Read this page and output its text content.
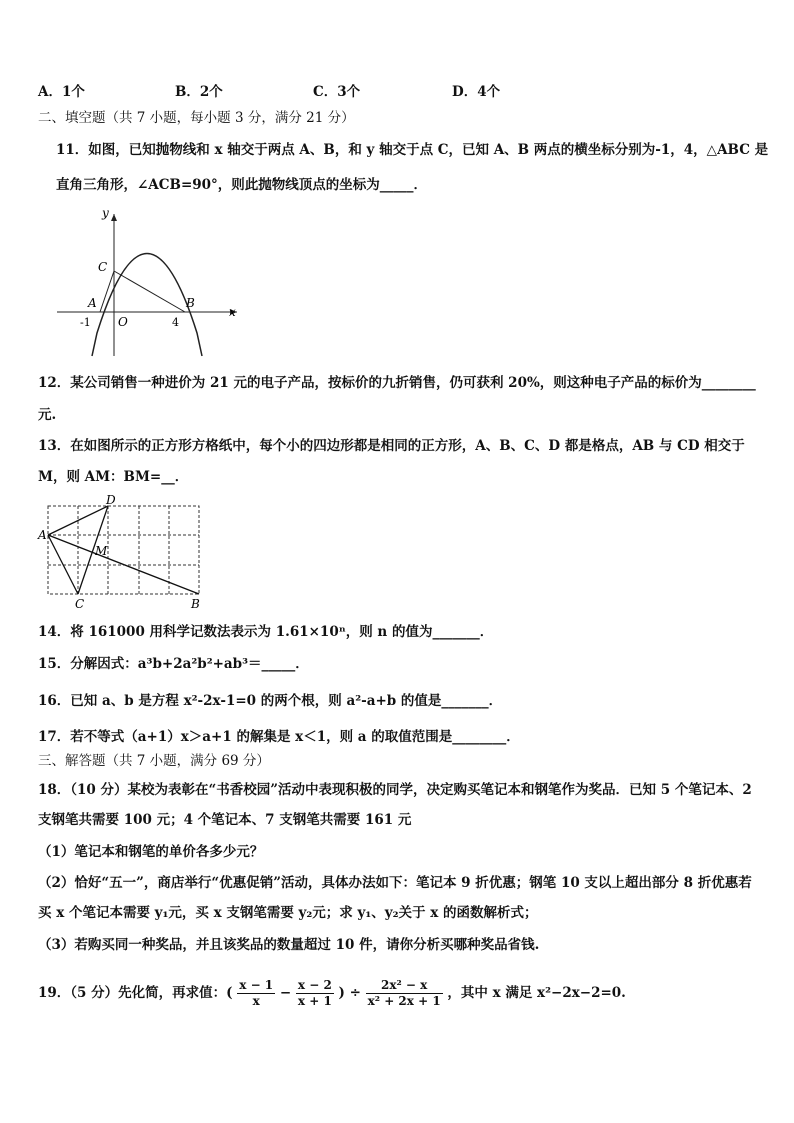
A．1个	B．2个	C．3个	D．4个
二、填空题（共 7 小题，每小题 3 分，满分 21 分）
11．如图，已知抛物线和 x 轴交于两点 A、B，和 y 轴交于点 C，已知 A、B 两点的横坐标分别为-1，4，△ABC 是
直角三角形，∠ACB=90°，则此抛物线顶点的坐标为_____．
y
x
C
A	B
-1 O	4
12．某公司销售一种进价为 21 元的电子产品，按标价的九折销售，仍可获利 20%，则这种电子产品的标价为________
元.
13．在如图所示的正方形方格纸中，每个小的四边形都是相同的正方形，A、B、C、D 都是格点，AB 与 CD 相交于
M，则 AM：BM=__．
A
D
M
C	B
14．将 161000 用科学记数法表示为 1.61×10ⁿ，则 n 的值为_______．
15．分解因式：a³b+2a²b²+ab³＝_____．
16．已知 a、b 是方程 x²-2x-1=0 的两个根，则 a²-a+b 的值是_______．
17．若不等式（a+1）x＞a+1 的解集是 x＜1，则 a 的取值范围是________．
三、解答题（共 7 小题，满分 69 分）
18．（10 分）某校为表彰在“书香校园”活动中表现积极的同学，决定购买笔记本和钢笔作为奖品．已知 5 个笔记本、2
支钢笔共需要 100 元；4 个笔记本、7 支钢笔共需要 161 元
（1）笔记本和钢笔的单价各多少元？
（2）恰好“五一”，商店举行“优惠促销”活动，具体办法如下：笔记本 9 折优惠；钢笔 10 支以上超出部分 8 折优惠若
买 x 个笔记本需要 y₁元，买 x 支钢笔需要 y₂元；求 y₁、y₂关于 x 的函数解析式；
（3）若购买同一种奖品，并且该奖品的数量超过 10 件，请你分析买哪种奖品省钱.
19．（5 分）先化简，再求值：( $\frac{x - 1}{x} - \frac{x - 2}{x + 1}$ ) ÷ $\frac{\text{2x² − x}}{\text{x² + 2x + 1}}$ ，其中 x 满足 x²−2x−2=0.
